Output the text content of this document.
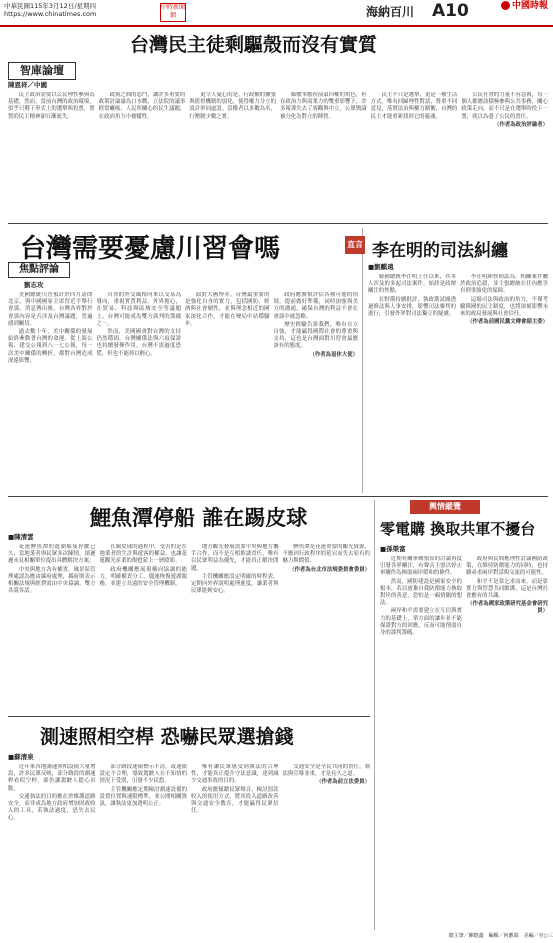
中華民國115年3月12日/星期四
https://www.chinatimes.com
中時新聞網	海納百川 A10	中國時報
台灣民主徒剩驅殼而沒有實質
智庫論壇
陳恩祥／中國

民主政治需要以公民理性參與為基礎，然而，當前台灣的政治環境，似乎只剩下形式上的選舉與投票，實質的民主精神卻日漸流失。

政黨之間的惡鬥，讓許多重要的政策討論淪為口水戰，立法院的議事經常癱瘓，人民所關心的民生議題，在政治角力中被犧牲。

更令人憂心的是，行政權的擴張與監督機制的弱化，使得權力分立的設計形同虛設。當權者以多數為名，行壓制少數之實。

媒體本應扮演第四權的角色，但在政治力與商業力的雙重影響下，許多報導失去了客觀與中立，公眾輿論被分化為對立的陣營。

民主不只是選舉，更是一種生活方式。唯有回歸理性對話，尊重不同意見，落實法治與權力制衡，台灣的民主才能重新找回它的靈魂。

公民社會的力量不容忽視，每一個人都應該積極參與公共事務，關心政策走向，而不只是在選舉時投下一票，就以為盡了公民的責任。

（作者為政治評論者）
台灣需要憂慮川習會嗎
焦點評論
劉志攻

美國總統川普預計於四月訪問北京，與中國國家主席習近平舉行會談。消息傳出後，台灣各界對於會談內容是否涉及台灣議題，普遍感到關切。

過去數十年，美中關係的發展始終牽動著台灣的命運。從上海公報、建交公報到八一七公報，每一次美中關係的轉折，都對台灣造成深遠影響。

川普的外交風格向來以交易為導向，重視實質利益。外界擔心，在貿易、科技與區域安全等議題上，台灣可能成為雙方談判的籌碼之一。

然而，美國國會對台灣的支持仍然穩固，台灣關係法與六項保證也持續發揮作用。台灣不需過度恐慌，但也不能掉以輕心。

面對大國博弈，台灣最重要的是強化自身的實力，包括國防、經濟與社會韌性，並與理念相近的國家深化合作，才能在變局中站穩腳步。

政府應審慎評估各種可能的情境，提前做好準備，同時加強與美方的溝通，確保台灣的利益不會在會談中被忽略。

歷史經驗告訴我們，唯有自立自強，才能贏得國際社會的尊重與支持，這也是台灣面對川習會最應該有的態度。

（作者為退休大使）
直言 李在明的司法糾纏
■劉麒遠

韓國總統李在明上任以來，其本人涉及的多起司法案件，始終是政壇關注的焦點。

在野黨持續批評，執政黨試圖透過修法與人事安排，影響司法審判的進行，引發外界對司法獨立的疑慮。

李在明陣營則認為，相關案件屬於政治追殺，並主張總統在任內應享有刑事豁免的保障。

這場司法與政治的角力，不僅考驗韓國的民主制度，也將深刻影響未來的政局發展與社會信任。

（作者為前國民黨文傳會副主委）
鯉魚潭停船 誰在踢皮球
■陳清雲

花蓮鯉魚潭的遊湖船隻停駛已久，當地業者與民眾多次陳情，卻遲遲未見相關單位提出具體解決方案。

中央與地方各有權責，風景區管理處認為應由縣府處理，縣府則表示相關法規與經費需由中央協調，雙方各說各話。

在踢皮球的過程中，受害的是在地業者的生計與遊客的權益，也讓花蓮觀光產業的復甦蒙上一層陰影。

政府機關應展現橫向協調的能力，明確權責分工，儘速恢復遊湖服務，並建立長遠的安全管理機制。

地方觀光發展需要中央與地方攜手合作，而不是互相推諉責任，唯有以民眾利益為優先，才能真正解決問題。

主管機關應設定明確的時程表，定期向外界說明處理進度，讓業者與民眾能夠安心。

鯉魚潭是花蓮重要的觀光資源，不應因行政程序的延宕而失去原有的魅力與價值。

（作者為台北市法規委員會委員）
輿情縱覽
零電購 換取共軍不擾台
■孫榮富

近期有關軍購預算的討論再度引發各界關注，有聲音主張以停止軍購作為換取兩岸緩和的條件。

然而，國防建設是國家安全的根本，若以放棄自我防衛能力換取對岸的善意，恐怕是一廂情願的想法。

兩岸和平需要建立在互信與實力的基礎上，單方面的讓步並不能保證對方的回應，反而可能削弱自身的談判籌碼。

政府與民間應理性討論國防政策，在維持防衛能力的同時，也持續尋求兩岸對話與交流的可能性。

和平不是靠乞求而來，而是靠實力與智慧共同維護，這是台灣社會應有的共識。

（作者為國家政策研究基金會研究員）
測速照相空桿 恐嚇民眾選搶錢
■蘇清泉

近年來各地測速照相設備大量增設，許多民眾反映，部分路段的測速桿看似空桿，卻仍讓駕駛人提心吊膽。

交通執法的目的應在於維護道路安全，而非成為地方政府增加財政收入的工具，若執法過度，恐失去民心。

部分路段速限標示不清，或速限設定不合理，導致駕駛人在不知情的情況下受罰，引發不少民怨。

主管機關應定期檢討測速設備的設置位置與速限標準，並公開相關資訊，讓執法更加透明公正。

唯有讓民眾感受到執法的合理性，才能真正提升守法意識，達到減少交通事故的目的。

政府應傾聽民眾聲音，檢討罰款收入的使用方式，將其投入道路改善與交通安全教育，才能贏得民眾信任。

交通安全是全民共同的責任，執法與宣導並重，才是長久之道。

（作者為前立法委員）
總主筆／陳挺鑫　編輯／何應端　美編／官○三
